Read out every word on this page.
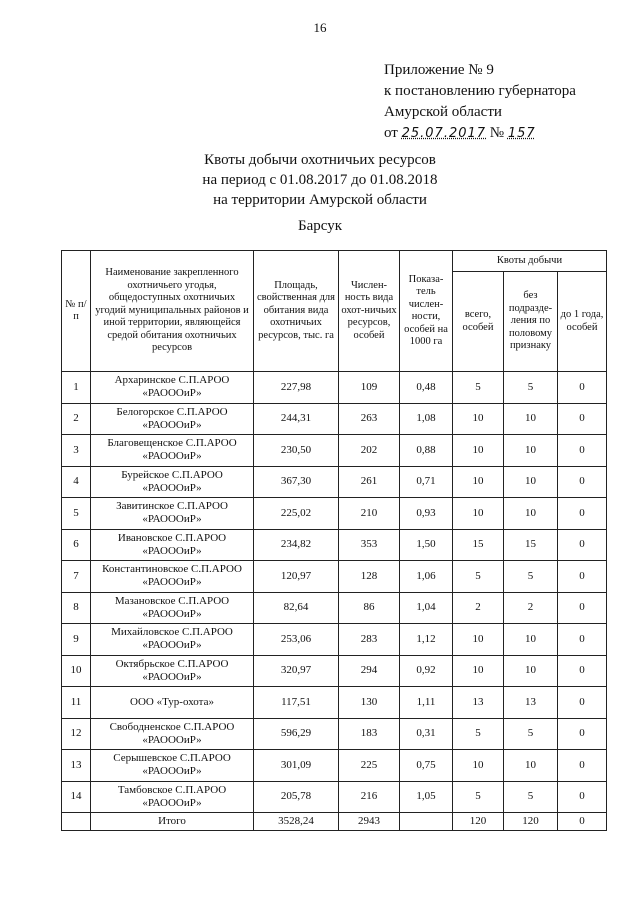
16
Приложение № 9
к постановлению губернатора
Амурской области
от 25.07.2017 № 157
Квоты добычи охотничьих ресурсов
на период с 01.08.2017 до 01.08.2018
на территории Амурской области
Барсук
№ п/п	Наименование закрепленного охотничьего угодья, общедоступных охотничьих угодий муниципальных районов и иной территории, являющейся средой обитания охотничьих ресурсов	Площадь, свойственная для обитания вида охотничьих ресурсов, тыс. га	Числен-ность вида охот-ничьих ресурсов, особей	Показа-тель числен-ности, особей на 1000 га	Квоты добычи		
					всего, особей	без подразде-ления по половому признаку	до 1 года, особей
1	Архаринское С.П.АРОО «РАОООиР»	227,98	109	0,48	5	5	0
2	Белогорское С.П.АРОО «РАОООиР»	244,31	263	1,08	10	10	0
3	Благовещенское С.П.АРОО «РАОООиР»	230,50	202	0,88	10	10	0
4	Бурейское С.П.АРОО «РАОООиР»	367,30	261	0,71	10	10	0
5	Завитинское С.П.АРОО «РАОООиР»	225,02	210	0,93	10	10	0
6	Ивановское С.П.АРОО «РАОООиР»	234,82	353	1,50	15	15	0
7	Константиновское С.П.АРОО «РАОООиР»	120,97	128	1,06	5	5	0
8	Мазановское С.П.АРОО «РАОООиР»	82,64	86	1,04	2	2	0
9	Михайловское С.П.АРОО «РАОООиР»	253,06	283	1,12	10	10	0
10	Октябрьское С.П.АРОО «РАОООиР»	320,97	294	0,92	10	10	0
11	ООО «Тур-охота»	117,51	130	1,11	13	13	0
12	Свободненское С.П.АРОО «РАОООиР»	596,29	183	0,31	5	5	0
13	Серышевское С.П.АРОО «РАОООиР»	301,09	225	0,75	10	10	0
14	Тамбовское С.П.АРОО «РАОООиР»	205,78	216	1,05	5	5	0
	Итого	3528,24	2943		120	120	0
